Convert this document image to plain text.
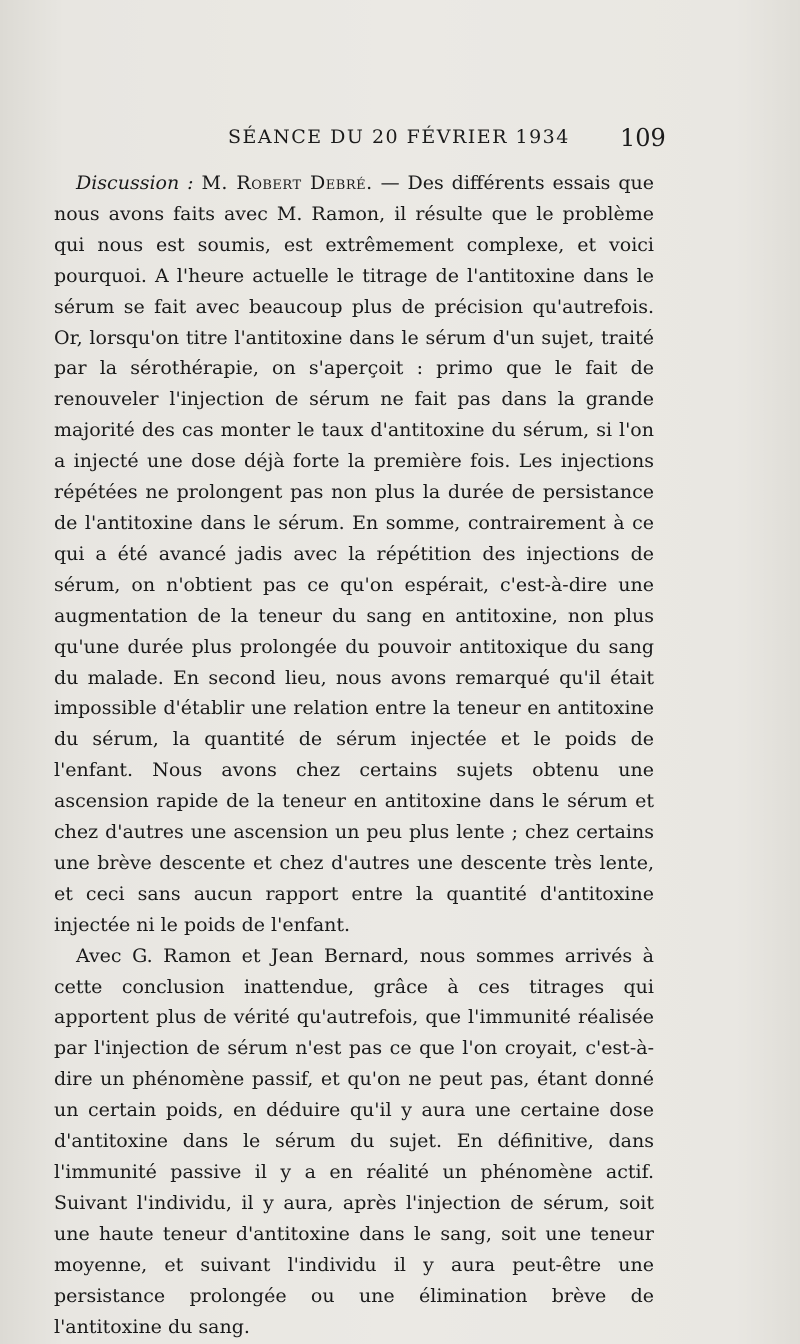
SÉANCE DU 20 FÉVRIER 1934 109

Discussion : M. Robert Debré. — Des différents essais que nous avons faits avec M. Ramon, il résulte que le problème qui nous est soumis, est extrêmement complexe, et voici pourquoi. A l'heure actuelle le titrage de l'antitoxine dans le sérum se fait avec beaucoup plus de précision qu'autrefois. Or, lorsqu'on titre l'antitoxine dans le sérum d'un sujet, traité par la sérothérapie, on s'aperçoit : primo que le fait de renouveler l'injection de sérum ne fait pas dans la grande majorité des cas monter le taux d'antitoxine du sérum, si l'on a injecté une dose déjà forte la première fois. Les injections répétées ne prolongent pas non plus la durée de persistance de l'antitoxine dans le sérum. En somme, contrairement à ce qui a été avancé jadis avec la répétition des injections de sérum, on n'obtient pas ce qu'on espérait, c'est-à-dire une augmentation de la teneur du sang en antitoxine, non plus qu'une durée plus prolongée du pouvoir antitoxique du sang du malade. En second lieu, nous avons remarqué qu'il était impossible d'établir une relation entre la teneur en antitoxine du sérum, la quantité de sérum injectée et le poids de l'enfant. Nous avons chez certains sujets obtenu une ascension rapide de la teneur en antitoxine dans le sérum et chez d'autres une ascension un peu plus lente ; chez certains une brève descente et chez d'autres une descente très lente, et ceci sans aucun rapport entre la quantité d'antitoxine injectée ni le poids de l'enfant.

Avec G. Ramon et Jean Bernard, nous sommes arrivés à cette conclusion inattendue, grâce à ces titrages qui apportent plus de vérité qu'autrefois, que l'immunité réalisée par l'injection de sérum n'est pas ce que l'on croyait, c'est-à-dire un phénomène passif, et qu'on ne peut pas, étant donné un certain poids, en déduire qu'il y aura une certaine dose d'antitoxine dans le sérum du sujet. En définitive, dans l'immunité passive il y a en réalité un phénomène actif. Suivant l'individu, il y aura, après l'injection de sérum, soit une haute teneur d'antitoxine dans le sang, soit une teneur moyenne, et suivant l'individu il y aura peut-être une persistance prolongée ou une élimination brève de l'antitoxine du sang.
